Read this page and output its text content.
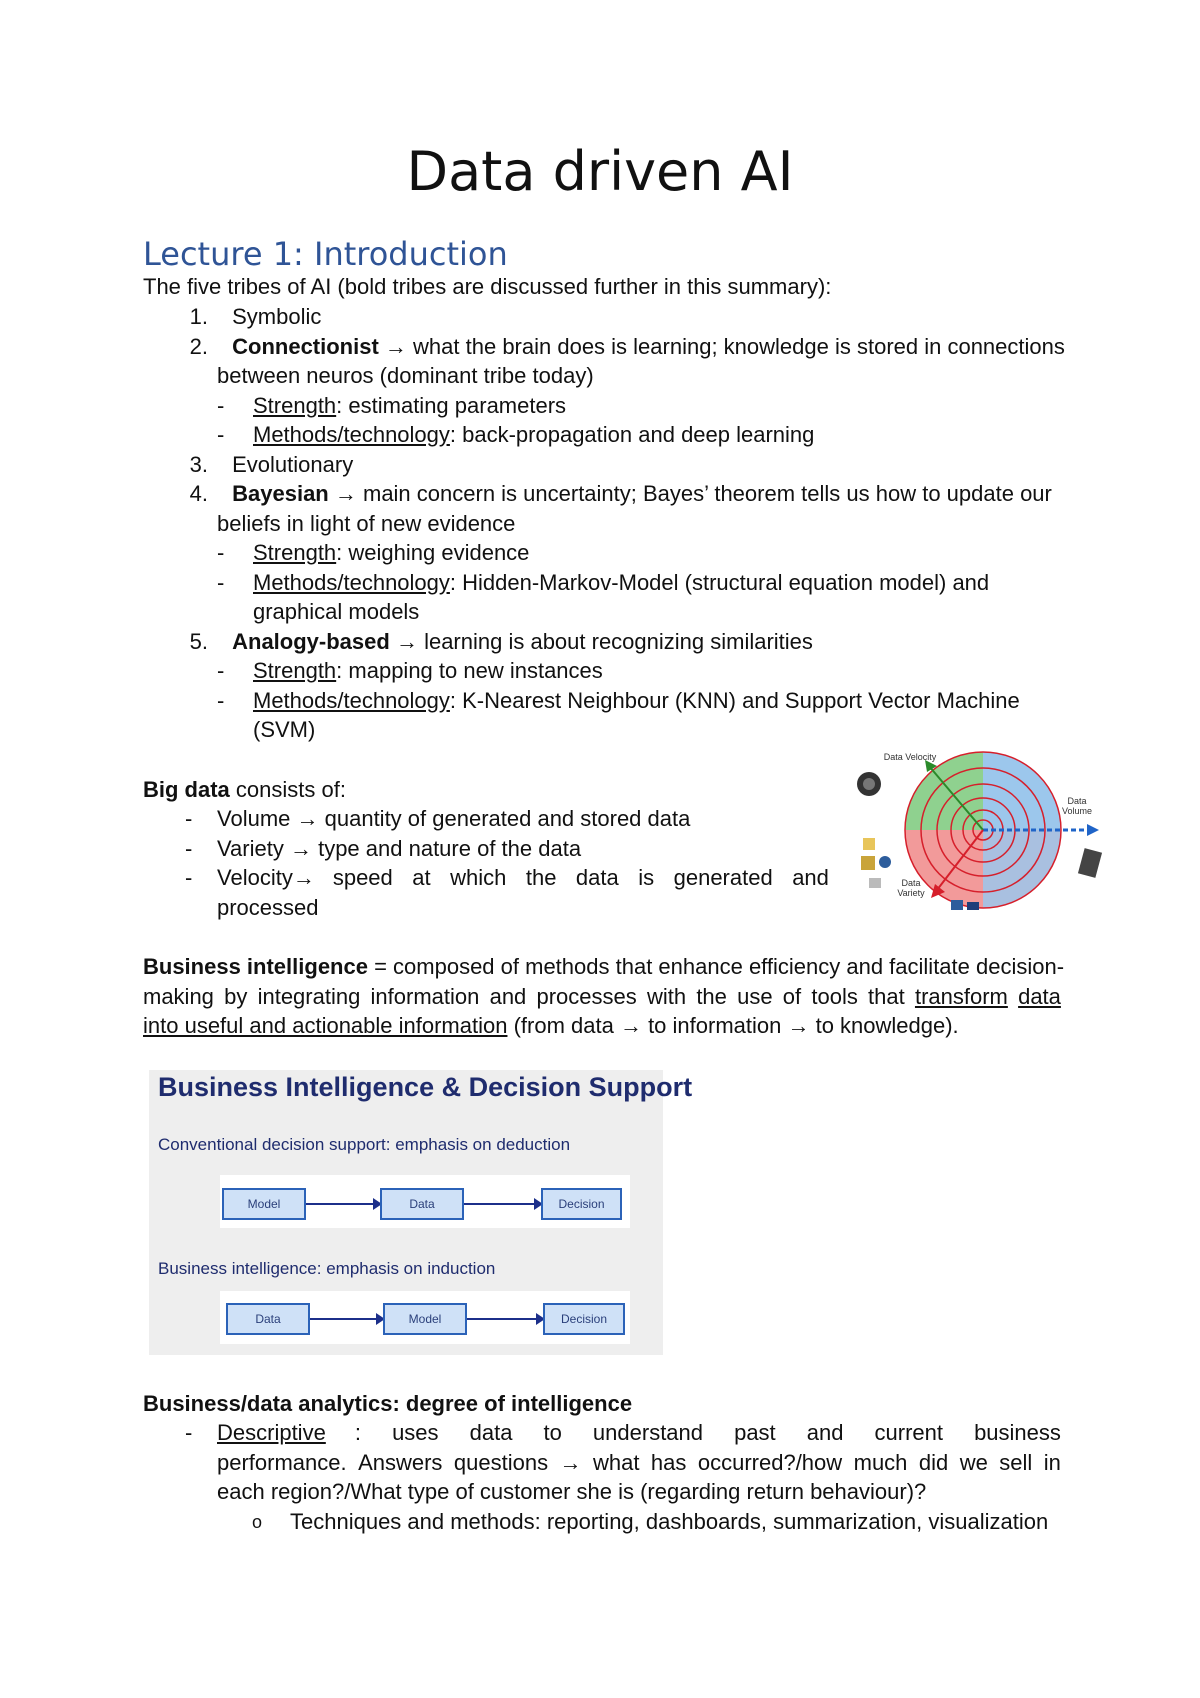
Data driven AI
Lecture 1: Introduction
The five tribes of AI (bold tribes are discussed further in this summary):
1. Symbolic
2. Connectionist → what the brain does is learning; knowledge is stored in connections
between neuros (dominant tribe today)
- Strength: estimating parameters
- Methods/technology: back-propagation and deep learning
3. Evolutionary
4. Bayesian → main concern is uncertainty; Bayes’ theorem tells us how to update our
beliefs in light of new evidence
- Strength: weighing evidence
- Methods/technology: Hidden-Markov-Model (structural equation model) and
graphical models
5. Analogy-based → learning is about recognizing similarities
- Strength: mapping to new instances
- Methods/technology: K-Nearest Neighbour (KNN) and Support Vector Machine
(SVM)
Big data consists of:
- Volume → quantity of generated and stored data
- Variety → type and nature of the data
- Velocity → speed at which the data is generated and
processed
Data Velocity
Data Volume
Data Variety
Business intelligence = composed of methods that enhance efficiency and facilitate decision-
making by integrating information and processes with the use of tools that transform data
into useful and actionable information (from data → to information → to knowledge).
Business Intelligence & Decision Support
Conventional decision support: emphasis on deduction
Model	Data	Decision
Business intelligence: emphasis on induction
Data	Model	Decision
Business/data analytics: degree of intelligence
- Descriptive : uses data to understand past and current business
performance. Answers questions → what has occurred?/how much did we sell in
each region?/What type of customer she is (regarding return behaviour)?
o Techniques and methods: reporting, dashboards, summarization, visualization
